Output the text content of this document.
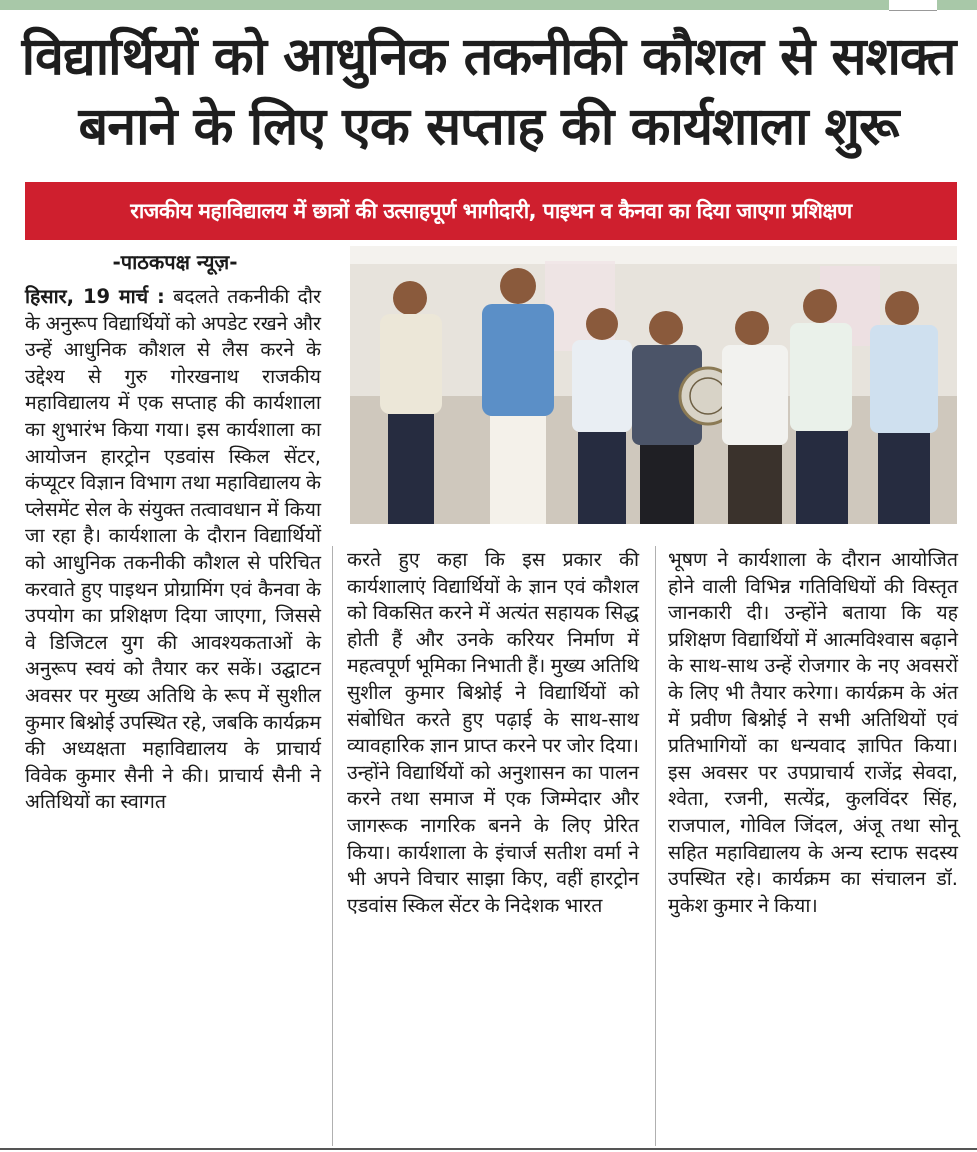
विद्यार्थियों को आधुनिक तकनीकी कौशल से सशक्त
बनाने के लिए एक सप्ताह की कार्यशाला शुरू
राजकीय महाविद्यालय में छात्रों की उत्साहपूर्ण भागीदारी, पाइथन व कैनवा का दिया जाएगा प्रशिक्षण
-पाठकपक्ष न्यूज़-
हिसार, 19 मार्च : बदलते तकनीकी दौर के अनुरूप विद्यार्थियों को अपडेट रखने और उन्हें आधुनिक कौशल से लैस करने के उद्देश्य से गुरु गोरखनाथ राजकीय महाविद्यालय में एक सप्ताह की कार्यशाला का शुभारंभ किया गया। इस कार्यशाला का आयोजन हारट्रोन एडवांस स्किल सेंटर, कंप्यूटर विज्ञान विभाग तथा महाविद्यालय के प्लेसमेंट सेल के संयुक्त तत्वावधान में किया जा रहा है। कार्यशाला के दौरान विद्यार्थियों को आधुनिक तकनीकी कौशल से परिचित करवाते हुए पाइथन प्रोग्रामिंग एवं कैनवा के उपयोग का प्रशिक्षण दिया जाएगा, जिससे वे डिजिटल युग की आवश्यकताओं के अनुरूप स्वयं को तैयार कर सकें। उद्घाटन अवसर पर मुख्य अतिथि के रूप में सुशील कुमार बिश्नोई उपस्थित रहे, जबकि कार्यक्रम की अध्यक्षता महाविद्यालय के प्राचार्य विवेक कुमार सैनी ने की। प्राचार्य सैनी ने अतिथियों का स्वागत
करते हुए कहा कि इस प्रकार की कार्यशालाएं विद्यार्थियों के ज्ञान एवं कौशल को विकसित करने में अत्यंत सहायक सिद्ध होती हैं और उनके करियर निर्माण में महत्वपूर्ण भूमिका निभाती हैं। मुख्य अतिथि सुशील कुमार बिश्नोई ने विद्यार्थियों को संबोधित करते हुए पढ़ाई के साथ-साथ व्यावहारिक ज्ञान प्राप्त करने पर जोर दिया। उन्होंने विद्यार्थियों को अनुशासन का पालन करने तथा समाज में एक जिम्मेदार और जागरूक नागरिक बनने के लिए प्रेरित किया। कार्यशाला के इंचार्ज सतीश वर्मा ने भी अपने विचार साझा किए, वहीं हारट्रोन एडवांस स्किल सेंटर के निदेशक भारत
भूषण ने कार्यशाला के दौरान आयोजित होने वाली विभिन्न गतिविधियों की विस्तृत जानकारी दी। उन्होंने बताया कि यह प्रशिक्षण विद्यार्थियों में आत्मविश्वास बढ़ाने के साथ-साथ उन्हें रोजगार के नए अवसरों के लिए भी तैयार करेगा। कार्यक्रम के अंत में प्रवीण बिश्नोई ने सभी अतिथियों एवं प्रतिभागियों का धन्यवाद ज्ञापित किया। इस अवसर पर उपप्राचार्य राजेंद्र सेवदा, श्वेता, रजनी, सत्येंद्र, कुलविंदर सिंह, राजपाल, गोविल जिंदल, अंजू तथा सोनू सहित महाविद्यालय के अन्य स्टाफ सदस्य उपस्थित रहे। कार्यक्रम का संचालन डॉ. मुकेश कुमार ने किया।
